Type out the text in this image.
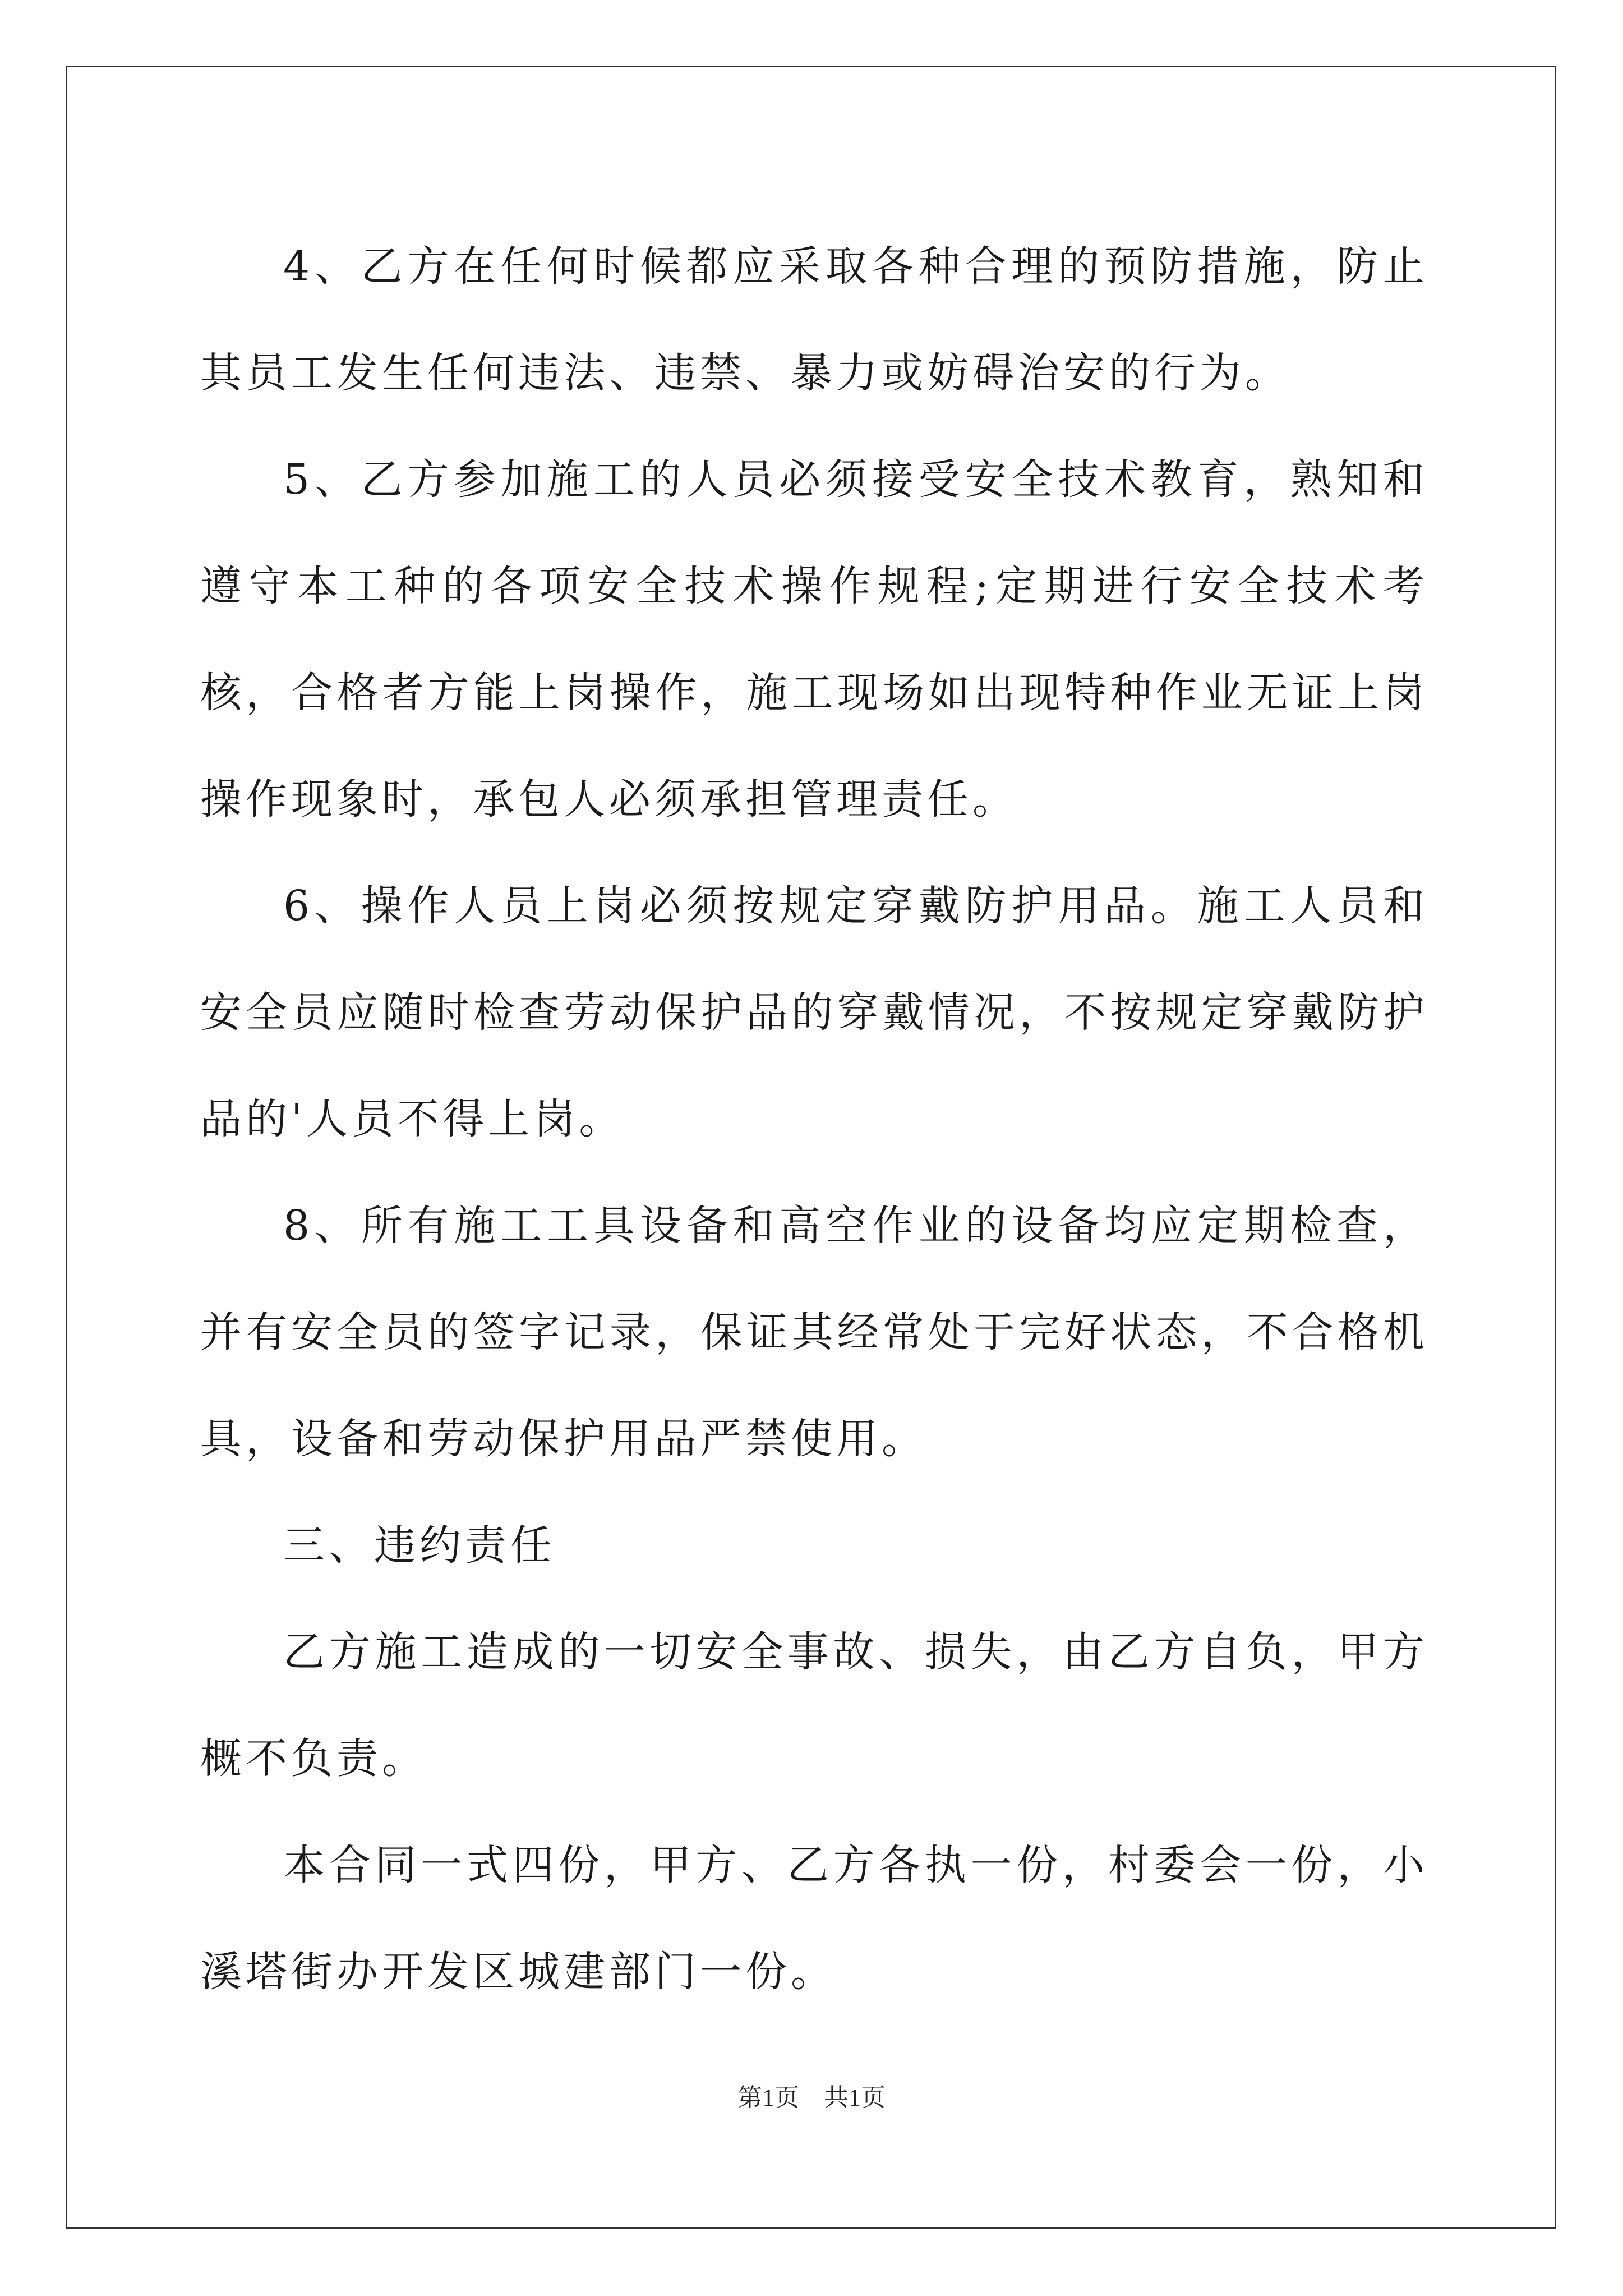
4、乙方在任何时候都应采取各种合理的预防措施，防止其员工发生任何违法、违禁、暴力或妨碍治安的行为。

5、乙方参加施工的人员必须接受安全技术教育，熟知和遵守本工种的各项安全技术操作规程;定期进行安全技术考核，合格者方能上岗操作，施工现场如出现特种作业无证上岗操作现象时，承包人必须承担管理责任。

6、操作人员上岗必须按规定穿戴防护用品。施工人员和安全员应随时检查劳动保护品的穿戴情况，不按规定穿戴防护品的'人员不得上岗。

8、所有施工工具设备和高空作业的设备均应定期检查，并有安全员的签字记录，保证其经常处于完好状态，不合格机具，设备和劳动保护用品严禁使用。

三、违约责任

乙方施工造成的一切安全事故、损失，由乙方自负，甲方概不负责。

本合同一式四份，甲方、乙方各执一份，村委会一份，小溪塔街办开发区城建部门一份。

第1页　共1页
